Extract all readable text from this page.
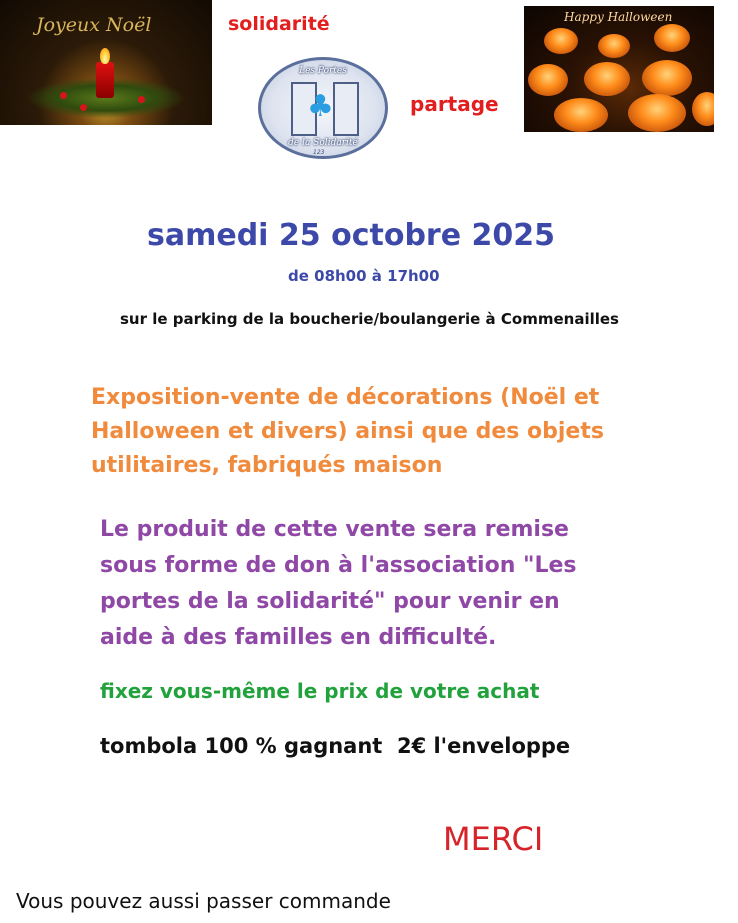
Joyeux Noël	solidarité
partage
Les Portes
♣
de la Solidarité
123
Happy Halloween
samedi 25 octobre 2025
de 08h00 à 17h00
sur le parking de la boucherie/boulangerie à Commenailles
Exposition-vente de décorations (Noël et
Halloween et divers) ainsi que des objets
utilitaires, fabriqués maison
Le produit de cette vente sera remise
sous forme de don à l'association "Les
portes de la solidarité" pour venir en
aide à des familles en difficulté.
fixez vous-même le prix de votre achat
tombola 100 % gagnant  2€ l'enveloppe
MERCI
Vous pouvez aussi passer commande
